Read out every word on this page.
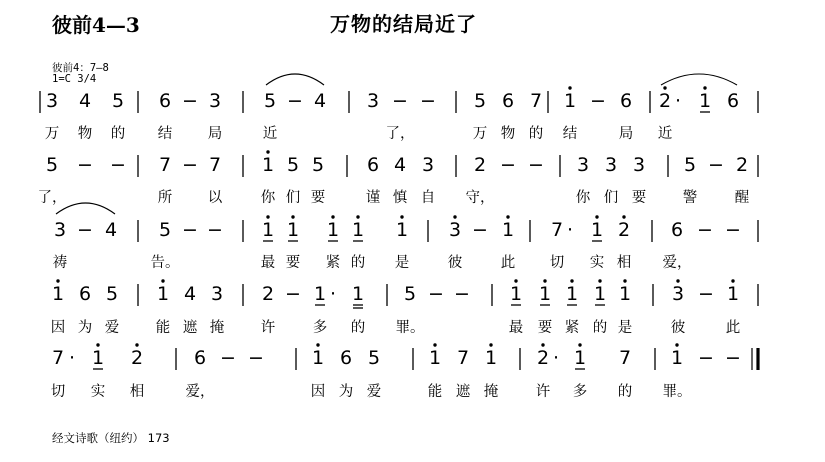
彼前4—3	万物的结局近了
彼前4：7—8
1=C 3/4
3 4 5 6 − 3 5 − 4 3 − − 5 6 7 1 − 6 2 · 1 6
万 物 的 结 局	近	了，	万 物 的 结	局 近
5 − − 7 − 7 1 5 5 6 4 3 2 − − 3 3 3 5 − 2
了，	所 以	你 们 要	谨 慎 自 守，	你 们 要	警	醒
3 − 4 5 − − 1 1 1 1 1 3 − 1 7 · 1 2 6 − −
祷	告。	最 要 紧 的 是	彼	此 切 实 相 爱，
1 6 5 1 4 3 2 − 1 · 1 5 − − 1 1 1 1 1 3 − 1
因 为 爱	能 遮 掩	许	多 的 罪。	最 要 紧 的 是	彼	此
7 · 1 2	6 − −	1 6 5	1 7 1 2 · 1 7 1 − −
切 实 相	爱，	因 为 爱	能 遮 掩	许 多 的 罪。
经文诗歌（纽约） 173
